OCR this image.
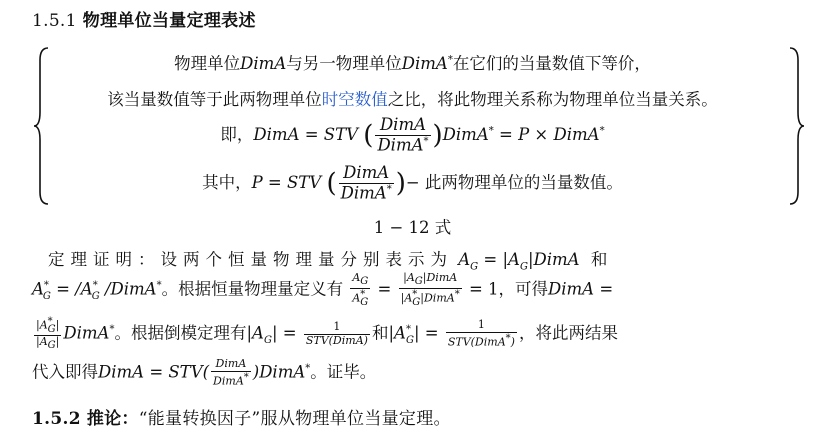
1.5.1 物理单位当量定理表述
物理单位DimA与另一物理单位DimA*在它们的当量数值下等价，
该当量数值等于此两物理单位时空数值之比，将此物理关系称为物理单位当量关系。
即，DimA = STV ( $\frac{\text{DimA}}{DimA^*}$ )DimA* = P × DimA*
其中，P = STV ( $\frac{\text{DimA}}{DimA^*}$ )− 此两物理单位的当量数值。
1 − 12 式
定理证明：设两个恒量物理量分别表示为 $A_G$ = $|A_G|DimA$ 和
$A^*_G = /A^*_G$ /DimA*。根据恒量物理量定义有 $\frac{A_G}{A^*_G} = \frac{|A_G|DimA}{|A^*_G|DimA^*} = 1$，可得DimA =
$\frac{|A^*_G|}{|A_G|}$ DimA*。根据倒模定理有$|A_G| = \frac{1}{\text{STV(DimA)}}$ 和$|A^*_G| = \frac{1}{STV(DimA^*)}$ ，将此两结果
代入即得DimA = $STV( \frac{\text{DimA}}{DimA^*}$ )DimA*。证毕。
1.5.2 推论：“能量转换因子”服从物理单位当量定理。
